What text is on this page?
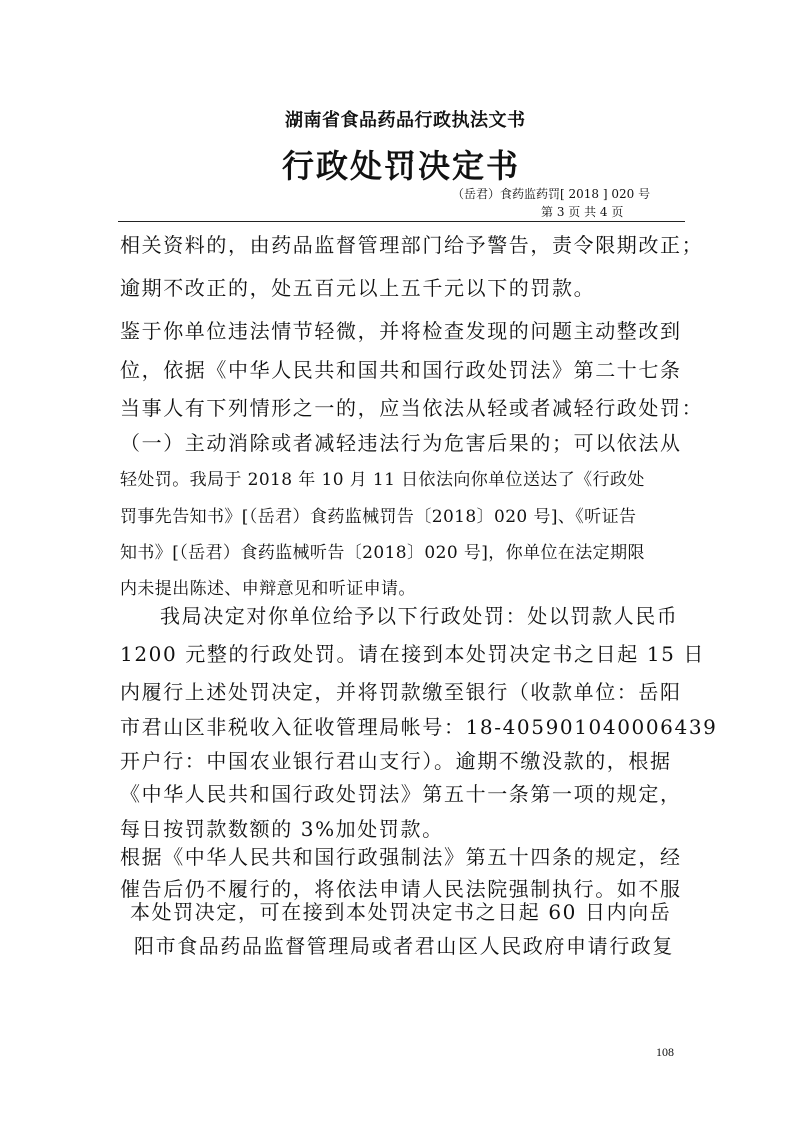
湖南省食品药品行政执法文书
行政处罚决定书
（岳君）食药监药罚[ 2018 ] 020 号
第 3 页 共 4 页
相关资料的，由药品监督管理部门给予警告，责令限期改正；
逾期不改正的，处五百元以上五千元以下的罚款。
鉴于你单位违法情节轻微，并将检查发现的问题主动整改到
位，依据《中华人民共和国共和国行政处罚法》第二十七条
当事人有下列情形之一的，应当依法从轻或者减轻行政处罚：
（一）主动消除或者减轻违法行为危害后果的；可以依法从
轻处罚。我局于 2018 年 10 月 11 日依法向你单位送达了《行政处
罚事先告知书》[（岳君）食药监械罚告〔2018〕020 号]、《听证告
知书》[（岳君）食药监械听告〔2018〕020 号]，你单位在法定期限
内未提出陈述、申辩意见和听证申请。
我局决定对你单位给予以下行政处罚：处以罚款人民币
1200 元整的行政处罚。请在接到本处罚决定书之日起 15 日
内履行上述处罚决定，并将罚款缴至银行（收款单位：岳阳
市君山区非税收入征收管理局帐号：18-405901040006439
开户行：中国农业银行君山支行）。逾期不缴没款的，根据
《中华人民共和国行政处罚法》第五十一条第一项的规定，
每日按罚款数额的 3%加处罚款。
根据《中华人民共和国行政强制法》第五十四条的规定，经
催告后仍不履行的，将依法申请人民法院强制执行。如不服
本处罚决定，可在接到本处罚决定书之日起 60 日内向岳
阳市食品药品监督管理局或者君山区人民政府申请行政复
108
